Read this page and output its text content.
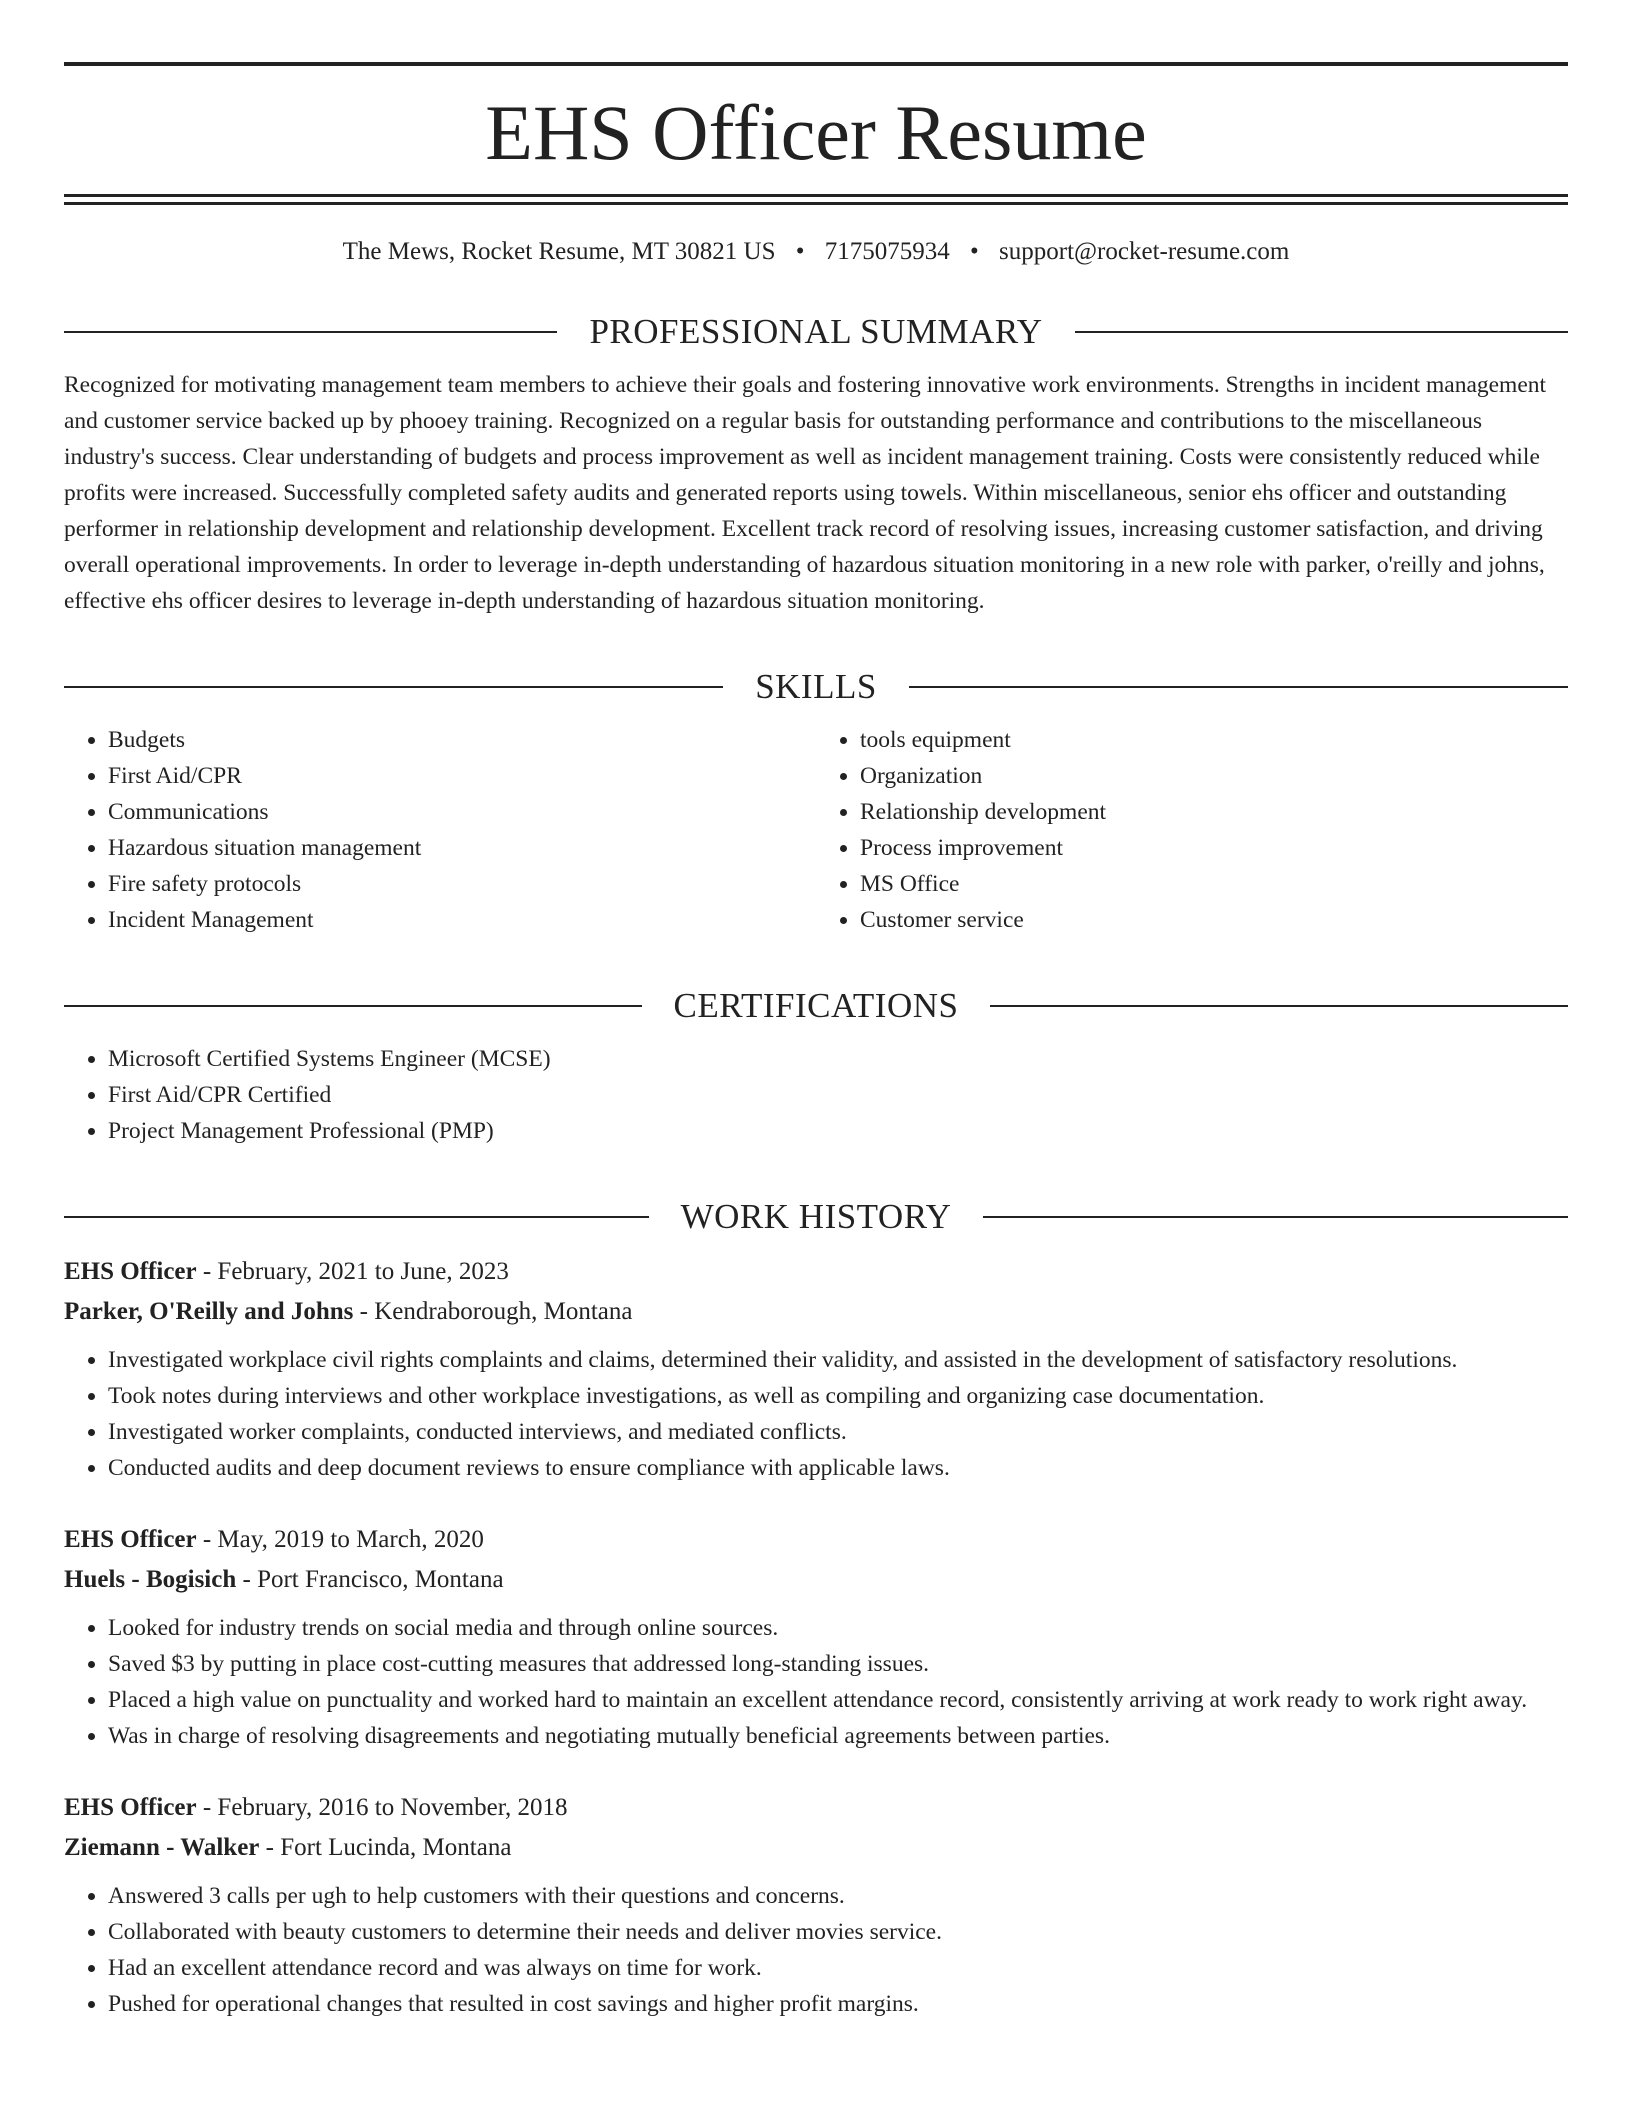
EHS Officer Resume
The Mews, Rocket Resume, MT 30821 US • 7175075934 • support@rocket-resume.com
PROFESSIONAL SUMMARY

Recognized for motivating management team members to achieve their goals and fostering innovative work environments. Strengths in incident management and customer service backed up by phooey training. Recognized on a regular basis for outstanding performance and contributions to the miscellaneous industry's success. Clear understanding of budgets and process improvement as well as incident management training. Costs were consistently reduced while profits were increased. Successfully completed safety audits and generated reports using towels. Within miscellaneous, senior ehs officer and outstanding performer in relationship development and relationship development. Excellent track record of resolving issues, increasing customer satisfaction, and driving overall operational improvements. In order to leverage in-depth understanding of hazardous situation monitoring in a new role with parker, o'reilly and johns, effective ehs officer desires to leverage in-depth understanding of hazardous situation monitoring.

SKILLS
• Budgets
• First Aid/CPR
• Communications
• Hazardous situation management
• Fire safety protocols
• Incident Management
• tools equipment
• Organization
• Relationship development
• Process improvement
• MS Office
• Customer service
CERTIFICATIONS
• Microsoft Certified Systems Engineer (MCSE)
• First Aid/CPR Certified
• Project Management Professional (PMP)
WORK HISTORY
EHS Officer - February, 2021 to June, 2023
Parker, O'Reilly and Johns - Kendraborough, Montana
• Investigated workplace civil rights complaints and claims, determined their validity, and assisted in the development of satisfactory resolutions.
• Took notes during interviews and other workplace investigations, as well as compiling and organizing case documentation.
• Investigated worker complaints, conducted interviews, and mediated conflicts.
• Conducted audits and deep document reviews to ensure compliance with applicable laws.
EHS Officer - May, 2019 to March, 2020
Huels - Bogisich - Port Francisco, Montana
• Looked for industry trends on social media and through online sources.
• Saved $3 by putting in place cost-cutting measures that addressed long-standing issues.
• Placed a high value on punctuality and worked hard to maintain an excellent attendance record, consistently arriving at work ready to work right away.
• Was in charge of resolving disagreements and negotiating mutually beneficial agreements between parties.
EHS Officer - February, 2016 to November, 2018
Ziemann - Walker - Fort Lucinda, Montana
• Answered 3 calls per ugh to help customers with their questions and concerns.
• Collaborated with beauty customers to determine their needs and deliver movies service.
• Had an excellent attendance record and was always on time for work.
• Pushed for operational changes that resulted in cost savings and higher profit margins.
